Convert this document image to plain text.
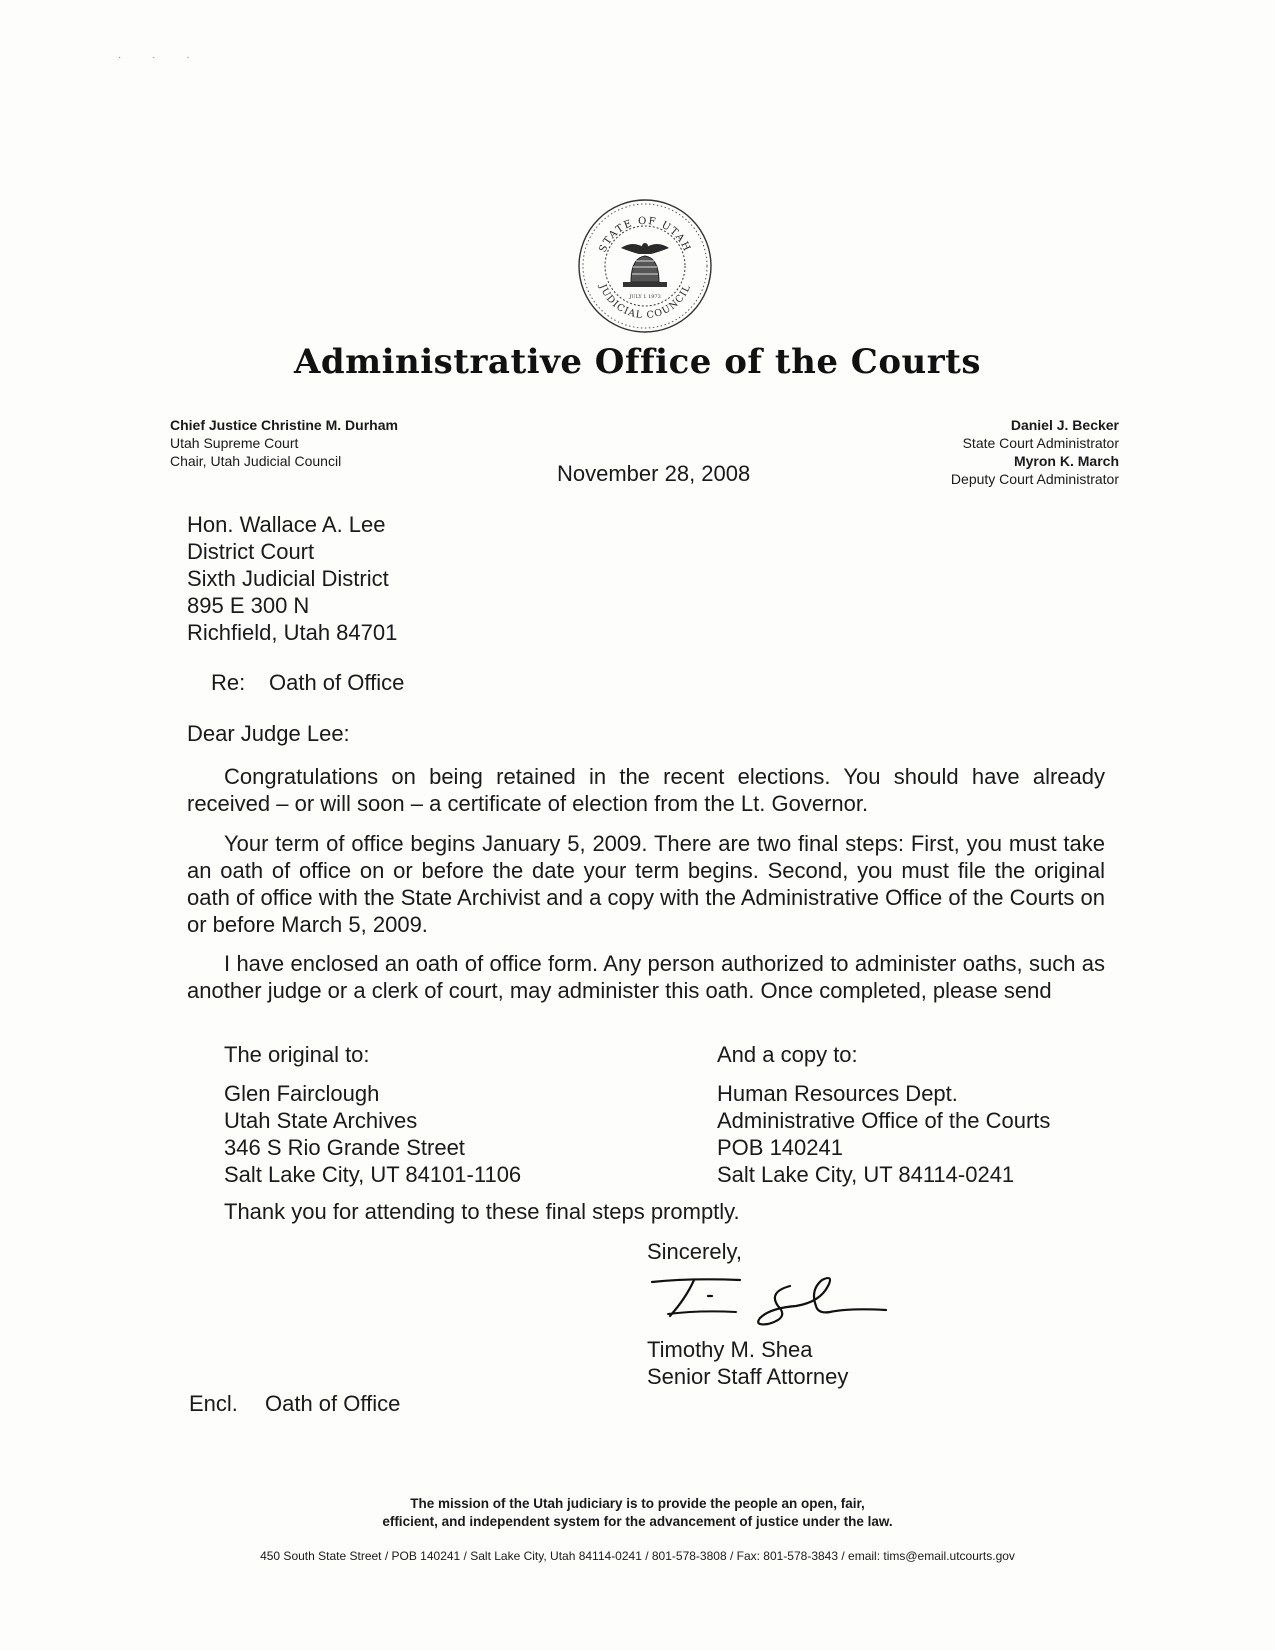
· · ·
STATE OF UTAH
JUDICIAL COUNCIL
JULY 1 1973
Administrative Office of the Courts
Chief Justice Christine M. Durham
Utah Supreme Court
Chair, Utah Judicial Council
Daniel J. Becker
State Court Administrator
Myron K. March
Deputy Court Administrator
November 28, 2008
Hon. Wallace A. Lee
District Court
Sixth Judicial District
895 E 300 N
Richfield, Utah 84701
Re: Oath of Office
Dear Judge Lee:
Congratulations on being retained in the recent elections. You should have already received – or will soon – a certificate of election from the Lt. Governor.
Your term of office begins January 5, 2009. There are two final steps: First, you must take an oath of office on or before the date your term begins. Second, you must file the original oath of office with the State Archivist and a copy with the Administrative Office of the Courts on or before March 5, 2009.
I have enclosed an oath of office form. Any person authorized to administer oaths, such as another judge or a clerk of court, may administer this oath. Once completed, please send
The original to:	And a copy to:
Glen Fairclough
Utah State Archives
346 S Rio Grande Street
Salt Lake City, UT 84101-1106
Human Resources Dept.
Administrative Office of the Courts
POB 140241
Salt Lake City, UT 84114-0241
Thank you for attending to these final steps promptly.
Sincerely,
Timothy M. Shea
Senior Staff Attorney
Encl. Oath of Office
The mission of the Utah judiciary is to provide the people an open, fair,
efficient, and independent system for the advancement of justice under the law.
450 South State Street / POB 140241 / Salt Lake City, Utah 84114-0241 / 801-578-3808 / Fax: 801-578-3843 / email: tims@email.utcourts.gov
